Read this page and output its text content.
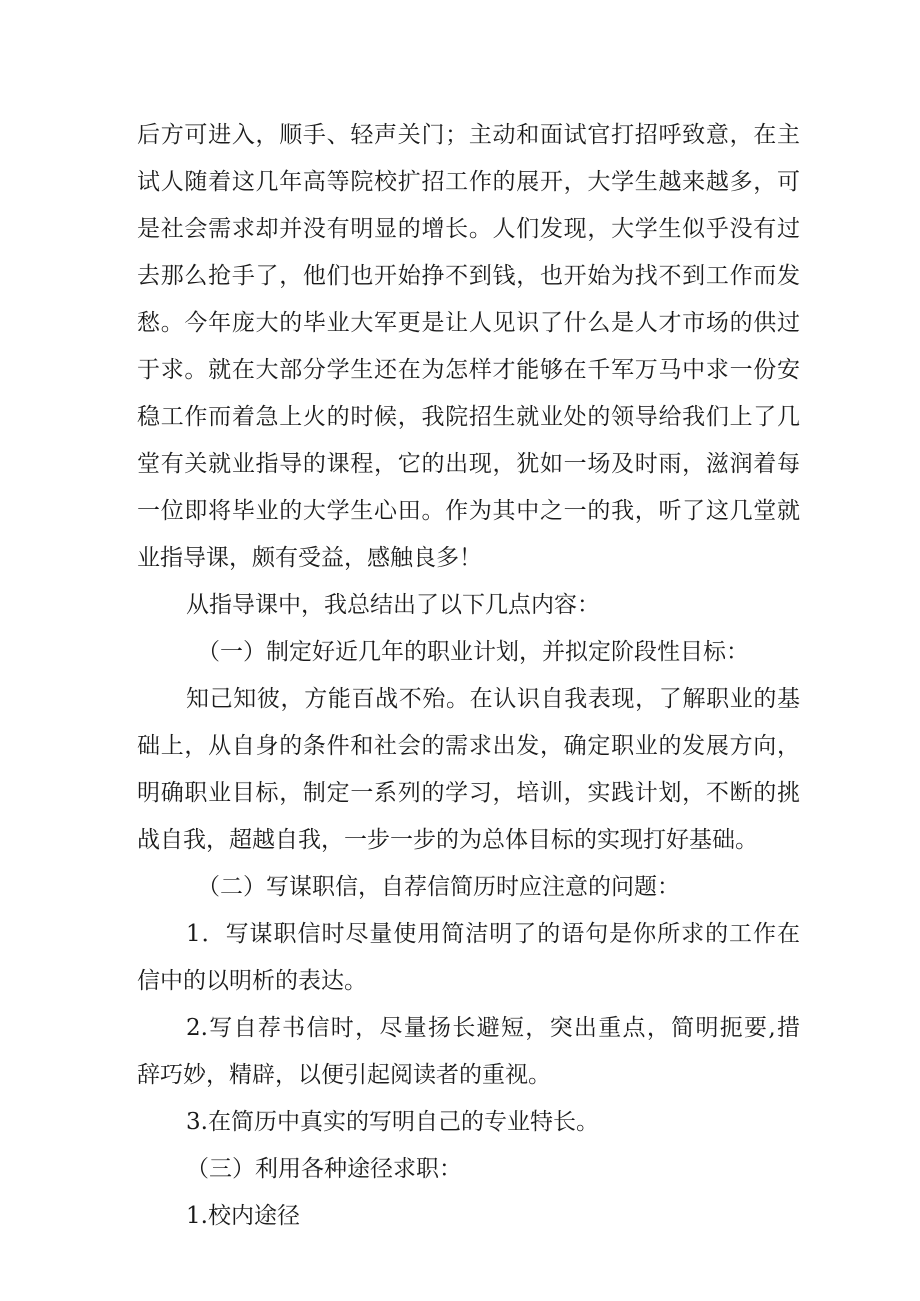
后方可进入，顺手、轻声关门；主动和面试官打招呼致意，在主
试人随着这几年高等院校扩招工作的展开，大学生越来越多，可
是社会需求却并没有明显的增长。人们发现，大学生似乎没有过
去那么抢手了，他们也开始挣不到钱，也开始为找不到工作而发
愁。今年庞大的毕业大军更是让人见识了什么是人才市场的供过
于求。就在大部分学生还在为怎样才能够在千军万马中求一份安
稳工作而着急上火的时候，我院招生就业处的领导给我们上了几
堂有关就业指导的课程，它的出现，犹如一场及时雨，滋润着每
一位即将毕业的大学生心田。作为其中之一的我，听了这几堂就
业指导课，颇有受益，感触良多！
从指导课中，我总结出了以下几点内容：
（一）制定好近几年的职业计划，并拟定阶段性目标：
知己知彼，方能百战不殆。在认识自我表现，了解职业的基
础上，从自身的条件和社会的需求出发，确定职业的发展方向，
明确职业目标，制定一系列的学习，培训，实践计划，不断的挑
战自我，超越自我，一步一步的为总体目标的实现打好基础。
（二）写谋职信，自荐信简历时应注意的问题：
1．写谋职信时尽量使用简洁明了的语句是你所求的工作在
信中的以明析的表达。
2.写自荐书信时，尽量扬长避短，突出重点，简明扼要,措
辞巧妙，精辟，以便引起阅读者的重视。
3.在简历中真实的写明自己的专业特长。
（三）利用各种途径求职：
1.校内途径
